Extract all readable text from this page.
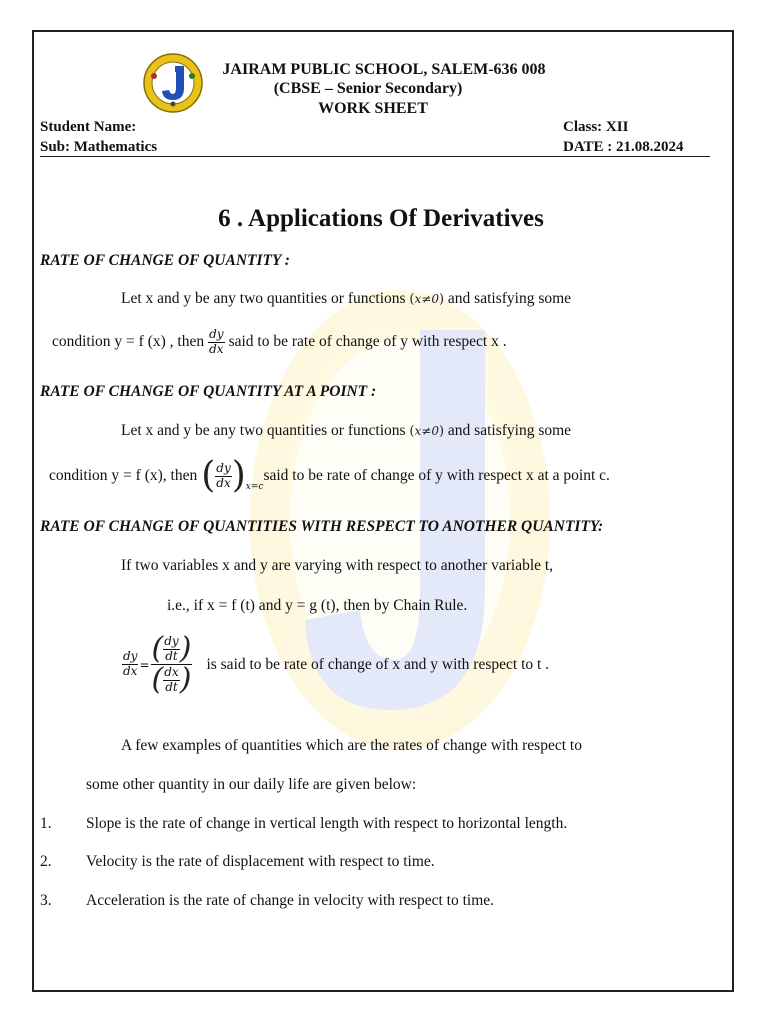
JAIRAM PUBLIC SCHOOL, SALEM-636 008
(CBSE – Senior Secondary)
WORK SHEET
Student Name:	Class: XII
Sub: Mathematics	DATE : 21.08.2024
6 . Applications Of Derivatives
RATE OF CHANGE OF QUANTITY :
Let x and y be any two quantities or functions (x≠0) and satisfying some
condition y = f (x) , then $\frac{dy}{dx}$ said to be rate of change of y with respect x .
RATE OF CHANGE OF QUANTITY AT A POINT :
Let x and y be any two quantities or functions (x≠0) and satisfying some
condition y = f (x), then ( $\frac{dy}{dx}$ ) x=c
said to be rate of change of y with respect x at a point c.
RATE OF CHANGE OF QUANTITIES WITH RESPECT TO ANOTHER QUANTITY:
If two variables x and y are varying with respect to another variable t,
i.e., if x = f (t) and y = g (t), then by Chain Rule.
$\frac{dy}{dx} = \frac{( \frac{dy}{dt} )}{( \frac{dx}{dt} )}$ is said to be rate of change of x and y with respect to t .
A few examples of quantities which are the rates of change with respect to
some other quantity in our daily life are given below:
1. Slope is the rate of change in vertical length with respect to horizontal length.
2. Velocity is the rate of displacement with respect to time.
3. Acceleration is the rate of change in velocity with respect to time.
